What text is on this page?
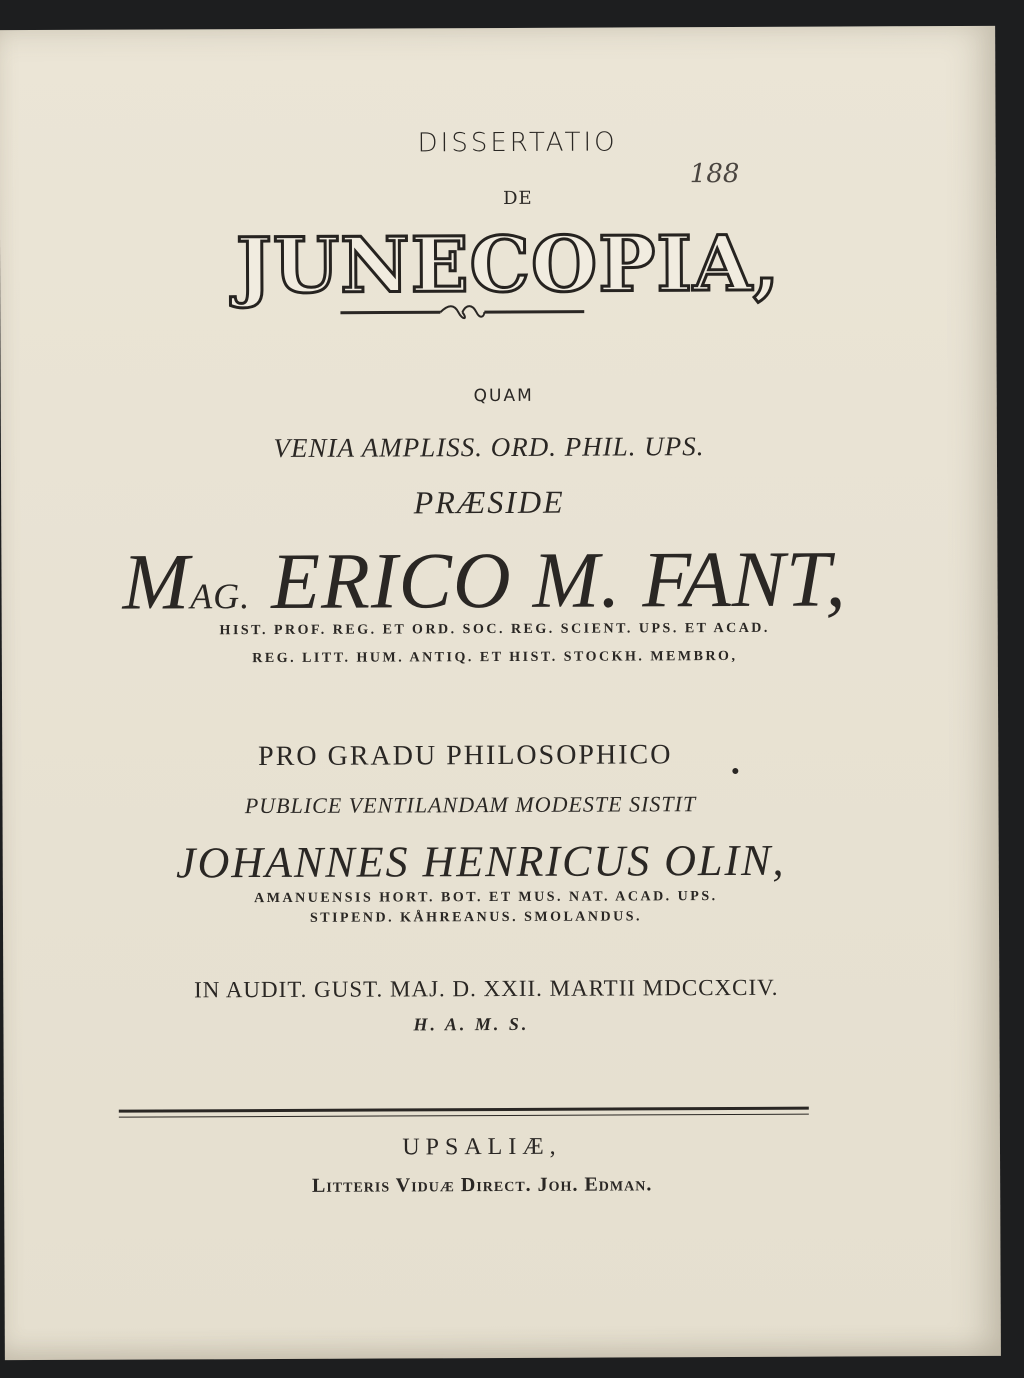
DISSERTATIO
DE
188
JUNECOPIA,
QUAM
VENIA AMPLISS. ORD. PHIL. UPS.
PRÆSIDE
MAG. ERICO M. FANT,
HIST. PROF. REG. ET ORD. SOC. REG. SCIENT. UPS. ET ACAD.
REG. LITT. HUM. ANTIQ. ET HIST. STOCKH. MEMBRO,
PRO GRADU PHILOSOPHICO
PUBLICE VENTILANDAM MODESTE SISTIT
JOHANNES HENRICUS OLIN,
AMANUENSIS HORT. BOT. ET MUS. NAT. ACAD. UPS.
STIPEND. KÅHREANUS. SMOLANDUS.
IN AUDIT. GUST. MAJ. D. XXII. MARTII MDCCXCIV.
H. A. M. S.
UPSALIÆ,
Litteris Viduæ Direct. Joh. Edman.
